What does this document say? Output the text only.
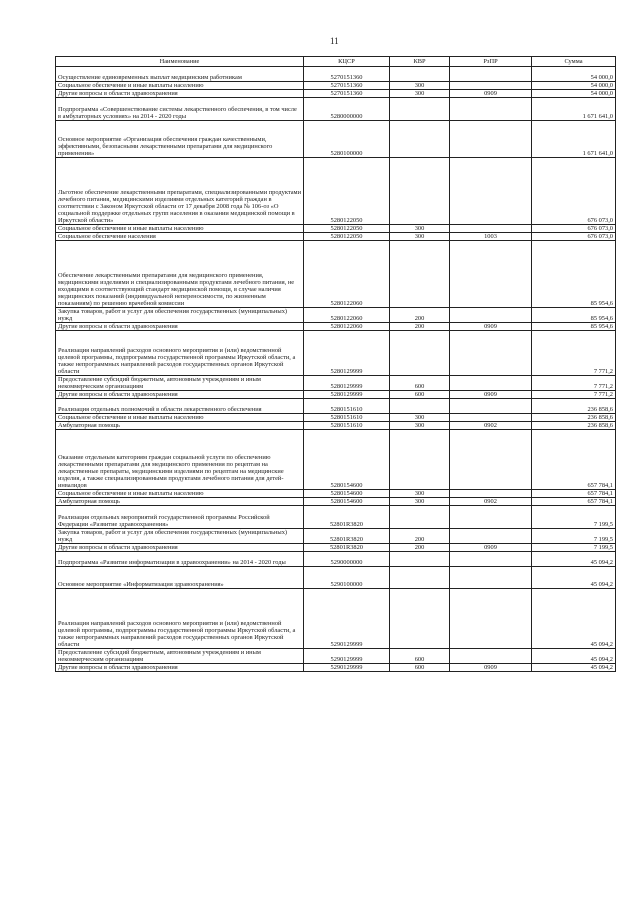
11
Наименование	КЦСР	КВР	РзПР	Сумма
Осуществление единовременных выплат медицинским работникам	5270151360			54 000,0
Социальное обеспечение и иные выплаты населению	5270151360	300		54 000,0
Другие вопросы в области здравоохранения	5270151360	300	0909	54 000,0
Подпрограмма «Совершенствование системы лекарственного обеспечения, в том числе в амбулаторных условиях» на 2014 - 2020 годы	5280000000			1 671 641,0
Основное мероприятие «Организация обеспечения граждан качественными, эффективными, безопасными лекарственными препаратами для медицинского применения»	5280100000			1 671 641,0
Льготное обеспечение лекарственными препаратами, специализированными продуктами лечебного питания, медицинскими изделиями отдельных категорий граждан в соответствии с Законом Иркутской области от 17 декабря 2008 года № 106-оз «О социальной поддержке отдельных групп населения в оказании медицинской помощи в Иркутской области»	5280122050			676 073,0
Социальное обеспечение и иные выплаты населению	5280122050	300		676 073,0
Социальное обеспечение населения	5280122050	300	1003	676 073,0
Обеспечение лекарственными препаратами для медицинского применения, медицинскими изделиями и специализированными продуктами лечебного питания, не входящими в соответствующий стандарт медицинской помощи, в случае наличия медицинских показаний (индивидуальной непереносимости, по жизненным показаниям) по решению врачебной комиссии	5280122060			85 954,6
Закупка товаров, работ и услуг для обеспечения государственных (муниципальных) нужд	5280122060	200		85 954,6
Другие вопросы в области здравоохранения	5280122060	200	0909	85 954,6
Реализация направлений расходов основного мероприятия и (или) ведомственной целевой программы, подпрограммы государственной программы Иркутской области, а также непрограммных направлений расходов государственных органов Иркутской области	5280129999			7 771,2
Предоставление субсидий бюджетным, автономным учреждениям и иным некоммерческим организациям	5280129999	600		7 771,2
Другие вопросы в области здравоохранения	5280129999	600	0909	7 771,2
Реализация отдельных полномочий в области лекарственного обеспечения	5280151610			236 858,6
Социальное обеспечение и иные выплаты населению	5280151610	300		236 858,6
Амбулаторная помощь	5280151610	300	0902	236 858,6
Оказание отдельным категориям граждан социальной услуги по обеспечению лекарственными препаратами для медицинского применения по рецептам на лекарственные препараты, медицинскими изделиями по рецептам на медицинские изделия, а также специализированными продуктами лечебного питания для детей-инвалидов	5280154600			657 784,1
Социальное обеспечение и иные выплаты населению	5280154600	300		657 784,1
Амбулаторная помощь	5280154600	300	0902	657 784,1
Реализация отдельных мероприятий государственной программы Российской Федерации «Развитие здравоохранения»	52801R3820			7 199,5
Закупка товаров, работ и услуг для обеспечения государственных (муниципальных) нужд	52801R3820	200		7 199,5
Другие вопросы в области здравоохранения	52801R3820	200	0909	7 199,5
Подпрограмма «Развитие информатизации в здравоохранении» на 2014 - 2020 годы	5290000000			45 094,2
Основное мероприятие «Информатизация здравоохранения»	5290100000			45 094,2
Реализация направлений расходов основного мероприятия и (или) ведомственной целевой программы, подпрограммы государственной программы Иркутской области, а также непрограммных направлений расходов государственных органов Иркутской области	5290129999			45 094,2
Предоставление субсидий бюджетным, автономным учреждениям и иным некоммерческим организациям	5290129999	600		45 094,2
Другие вопросы в области здравоохранения	5290129999	600	0909	45 094,2
